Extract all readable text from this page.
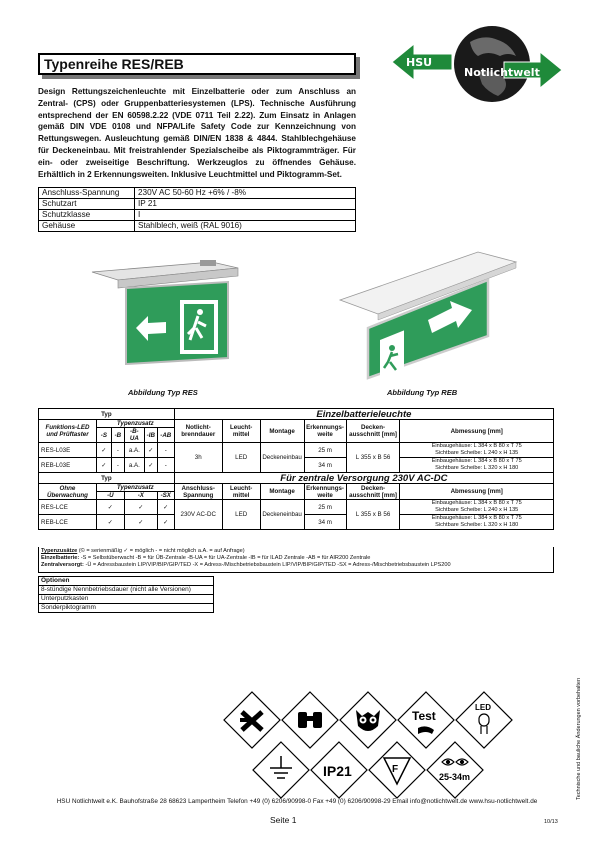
Typenreihe RES/REB	HSU
Notlichtwelt
Design Rettungszeichenleuchte mit Einzelbatterie oder zum Anschluss an Zentral- (CPS) oder Gruppenbatteriesystemen (LPS). Technische Ausführung entsprechend der EN 60598.2.22 (VDE 0711 Teil 2.22). Zum Einsatz in Anlagen gemäß DIN VDE 0108 und NFPA/Life Safety Code zur Kennzeichnung von Rettungswegen. Ausleuchtung gemäß DIN/EN 1838 & 4844. Stahlblechgehäuse für Deckeneinbau. Mit freistrahlender Spezialscheibe als Piktogrammträger. Für ein- oder zweiseitige Beschriftung. Werkzeuglos zu öffnendes Gehäuse. Erhältlich in 2 Erkennungsweiten. Inklusive Leuchtmittel und Piktogramm-Set.
Anschluss-Spannung	230V AC 50-60 Hz +6% / -8%
Schutzart	IP 21
Schutzklasse	I
Gehäuse	Stahlblech, weiß (RAL 9016)
Abbildung Typ RES	Abbildung Typ REB
Typ						Einzelbatterieleuchte					
Funktions-LED und Prüftaster	Typenzusatz					Notlicht-brenndauer	Leucht-mittel	Montage	Erkennungs-weite	Decken-ausschnitt [mm]	Abmessung [mm]
	-S	-B	-B-UA	-IB	-AB						
RES-L03E	✓	-	a.A.	✓	-	3h	LED	Deckeneinbau	25 m	L 355 x B 56	Einbaugehäuse: L 384 x B 80 x T 75
Sichtbare Scheibe: L 240 x H 135

REB-L03E	✓	-	a.A.	✓	-				34 m		Einbaugehäuse: L 384 x B 80 x T 75
Sichtbare Scheibe: L 320 x H 180

Typ						Für zentrale Versorgung 230V AC-DC					
Ohne Überwachung	Typenzusatz					Anschluss-Spannung	Leucht-mittel	Montage	Erkennungs-weite	Decken-ausschnitt [mm]	Abmessung [mm]
	-Ü		-X		-SX						
RES-LCE	✓		✓		✓	230V AC-DC	LED	Deckeneinbau	25 m	L 355 x B 56	Einbaugehäuse: L 384 x B 80 x T 75
Sichtbare Scheibe: L 240 x H 135

REB-LCE	✓		✓		✓				34 m		Einbaugehäuse: L 384 x B 80 x T 75
Sichtbare Scheibe: L 320 x H 180
Typenzusätze (© = serienmäßig ✓ = möglich - = nicht möglich a.A. = auf Anfrage)
Einzelbatterie: -S = Selbstüberwacht -B = für ÜB-Zentrale -B-UA = für UA-Zentrale -IB = für ILAD Zentrale -AB = für AIR200 Zentrale
Zentralversorgt: -Ü = Adressbaustein LIP/VIP/BIP/GIP/TED -X = Adress-/Mischbetriebsbaustein LIP/VIP/BIP/GIP/TED -SX = Adress-/Mischbetriebsbaustein LPS200
Optionen
8-stündige Nennbetriebsdauer (nicht alle Versionen)
Unterputzkasten
Sonderpiktogramm
Technische und bauliche Änderungen vorbehalten
Test
LED
IP21	F
25-34m
HSU Notlichtwelt e.K. Bauhofstraße 28 68623 Lampertheim Telefon +49 (0) 6206/90998-0 Fax +49 (0) 6206/90998-29 Email info@notlichtwelt.de www.hsu-notlichtwelt.de
Seite 1	10/13
